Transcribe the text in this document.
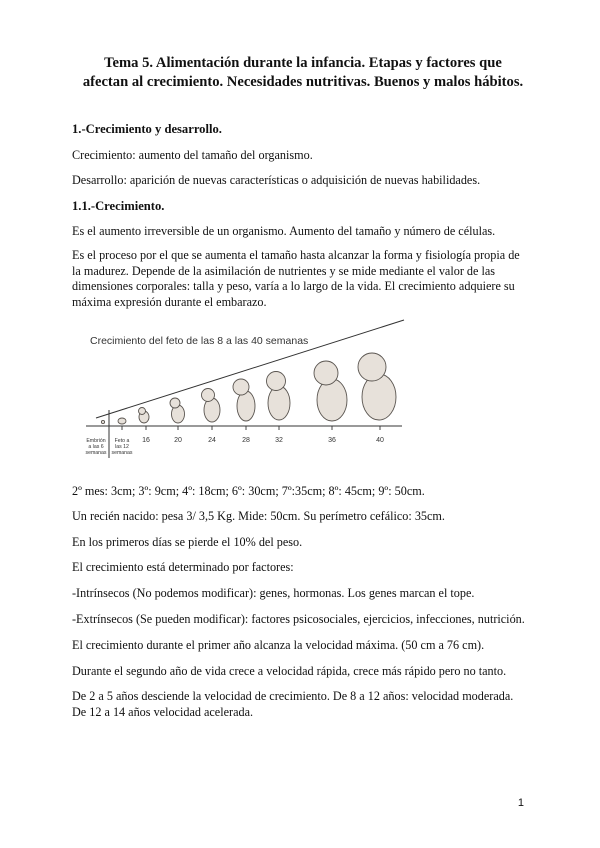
Tema 5. Alimentación durante la infancia. Etapas y factores que afectan al crecimiento. Necesidades nutritivas. Buenos y malos hábitos.
1.-Crecimiento y desarrollo.
Crecimiento: aumento del tamaño del organismo.
Desarrollo: aparición de nuevas características o adquisición de nuevas habilidades.
1.1.-Crecimiento.
Es el aumento irreversible de un organismo. Aumento del tamaño y número de células.
Es el proceso por el que se aumenta el tamaño hasta alcanzar la forma y fisiología propia de la madurez. Depende de la asimilación de nutrientes y se mide mediante el valor de las dimensiones corporales: talla y peso, varía a lo largo de la vida. El crecimiento adquiere su máxima expresión durante el embarazo.
Crecimiento del feto de las 8 a las 40 semanas
Embrión
a las 6
semanas
Feto a
las 12
semanas
16	20	24	28	32	36	40
2º mes: 3cm; 3º: 9cm; 4º: 18cm; 6º: 30cm; 7º:35cm; 8º: 45cm; 9º: 50cm.
Un recién nacido: pesa 3/ 3,5 Kg. Mide: 50cm. Su perímetro cefálico: 35cm.
En los primeros días se pierde el 10% del peso.
El crecimiento está determinado por factores:
-Intrínsecos (No podemos modificar): genes, hormonas. Los genes marcan el tope.
-Extrínsecos (Se pueden modificar): factores psicosociales, ejercicios, infecciones, nutrición.
El crecimiento durante el primer año alcanza la velocidad máxima. (50 cm a 76 cm).
Durante el segundo año de vida crece a velocidad rápida, crece más rápido pero no tanto.
De 2 a 5 años desciende la velocidad de crecimiento. De 8 a 12 años: velocidad moderada. De 12 a 14 años velocidad acelerada.
1
